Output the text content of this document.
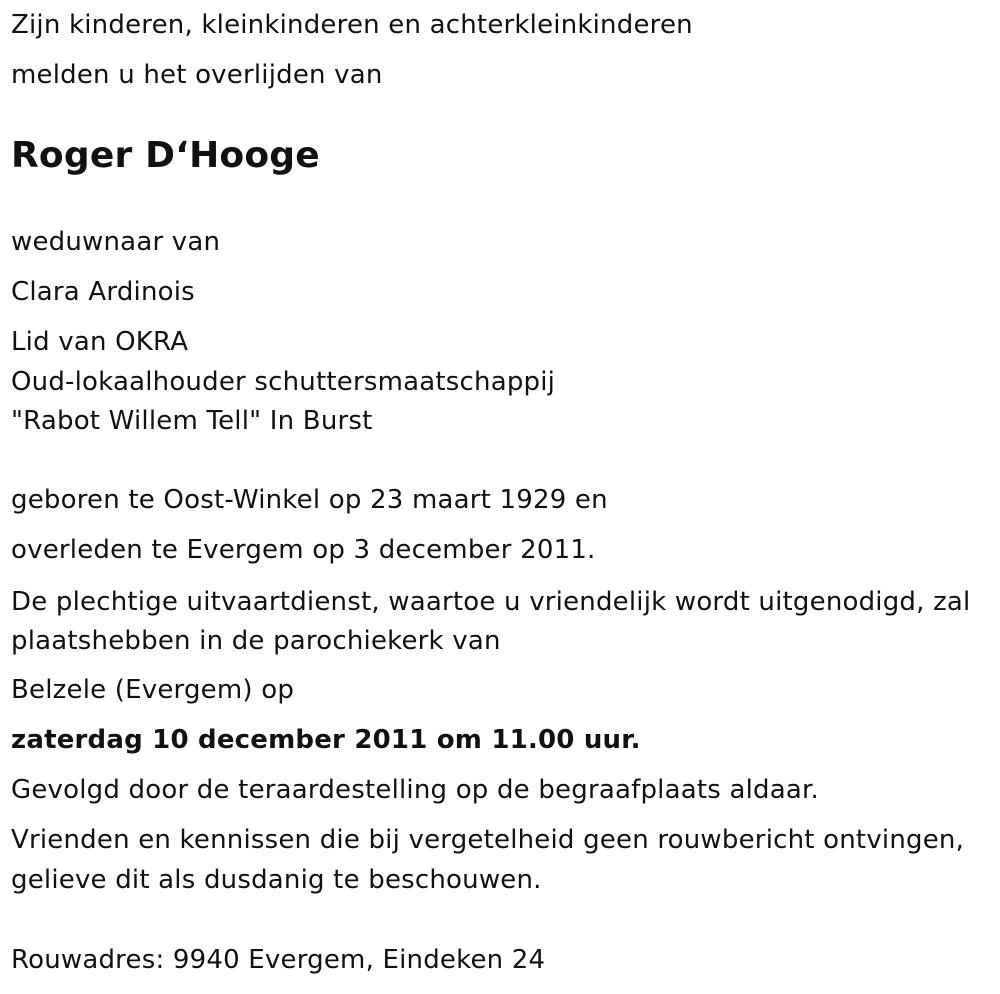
Zijn kinderen, kleinkinderen en achterkleinkinderen
melden u het overlijden van
Roger D‘Hooge
weduwnaar van
Clara Ardinois
Lid van OKRA
Oud-lokaalhouder schuttersmaatschappij
"Rabot Willem Tell" In Burst
geboren te Oost-Winkel op 23 maart 1929 en
overleden te Evergem op 3 december 2011.
De plechtige uitvaartdienst, waartoe u vriendelijk wordt uitgenodigd, zal
plaatshebben in de parochiekerk van
Belzele (Evergem) op
zaterdag 10 december 2011 om 11.00 uur.
Gevolgd door de teraardestelling op de begraafplaats aldaar.
Vrienden en kennissen die bij vergetelheid geen rouwbericht ontvingen,
gelieve dit als dusdanig te beschouwen.
Rouwadres: 9940 Evergem, Eindeken 24
